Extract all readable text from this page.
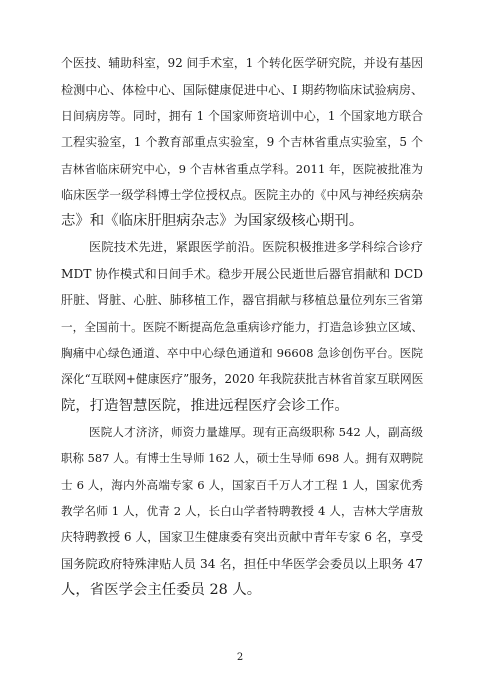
个医技、辅助科室，92 间手术室，1 个转化医学研究院，并设有基因
检测中心、体检中心、国际健康促进中心、I 期药物临床试验病房、
日间病房等。同时，拥有 1 个国家师资培训中心，1 个国家地方联合
工程实验室，1 个教育部重点实验室，9 个吉林省重点实验室，5 个
吉林省临床研究中心，9 个吉林省重点学科。2011 年，医院被批准为
临床医学一级学科博士学位授权点。医院主办的《中风与神经疾病杂
志》和《临床肝胆病杂志》为国家级核心期刊。
医院技术先进，紧跟医学前沿。医院积极推进多学科综合诊疗
MDT 协作模式和日间手术。稳步开展公民逝世后器官捐献和 DCD
肝脏、肾脏、心脏、肺移植工作，器官捐献与移植总量位列东三省第
一，全国前十。医院不断提高危急重病诊疗能力，打造急诊独立区域、
胸痛中心绿色通道、卒中中心绿色通道和 96608 急诊创伤平台。医院
深化“互联网+健康医疗”服务，2020 年我院获批吉林省首家互联网医
院，打造智慧医院，推进远程医疗会诊工作。
医院人才济济，师资力量雄厚。现有正高级职称 542 人，副高级
职称 587 人。有博士生导师 162 人，硕士生导师 698 人。拥有双聘院
士 6 人，海内外高端专家 6 人，国家百千万人才工程 1 人，国家优秀
教学名师 1 人，优青 2 人，长白山学者特聘教授 4 人，吉林大学唐敖
庆特聘教授 6 人，国家卫生健康委有突出贡献中青年专家 6 名，享受
国务院政府特殊津贴人员 34 名，担任中华医学会委员以上职务 47
人，省医学会主任委员 28 人。
2
